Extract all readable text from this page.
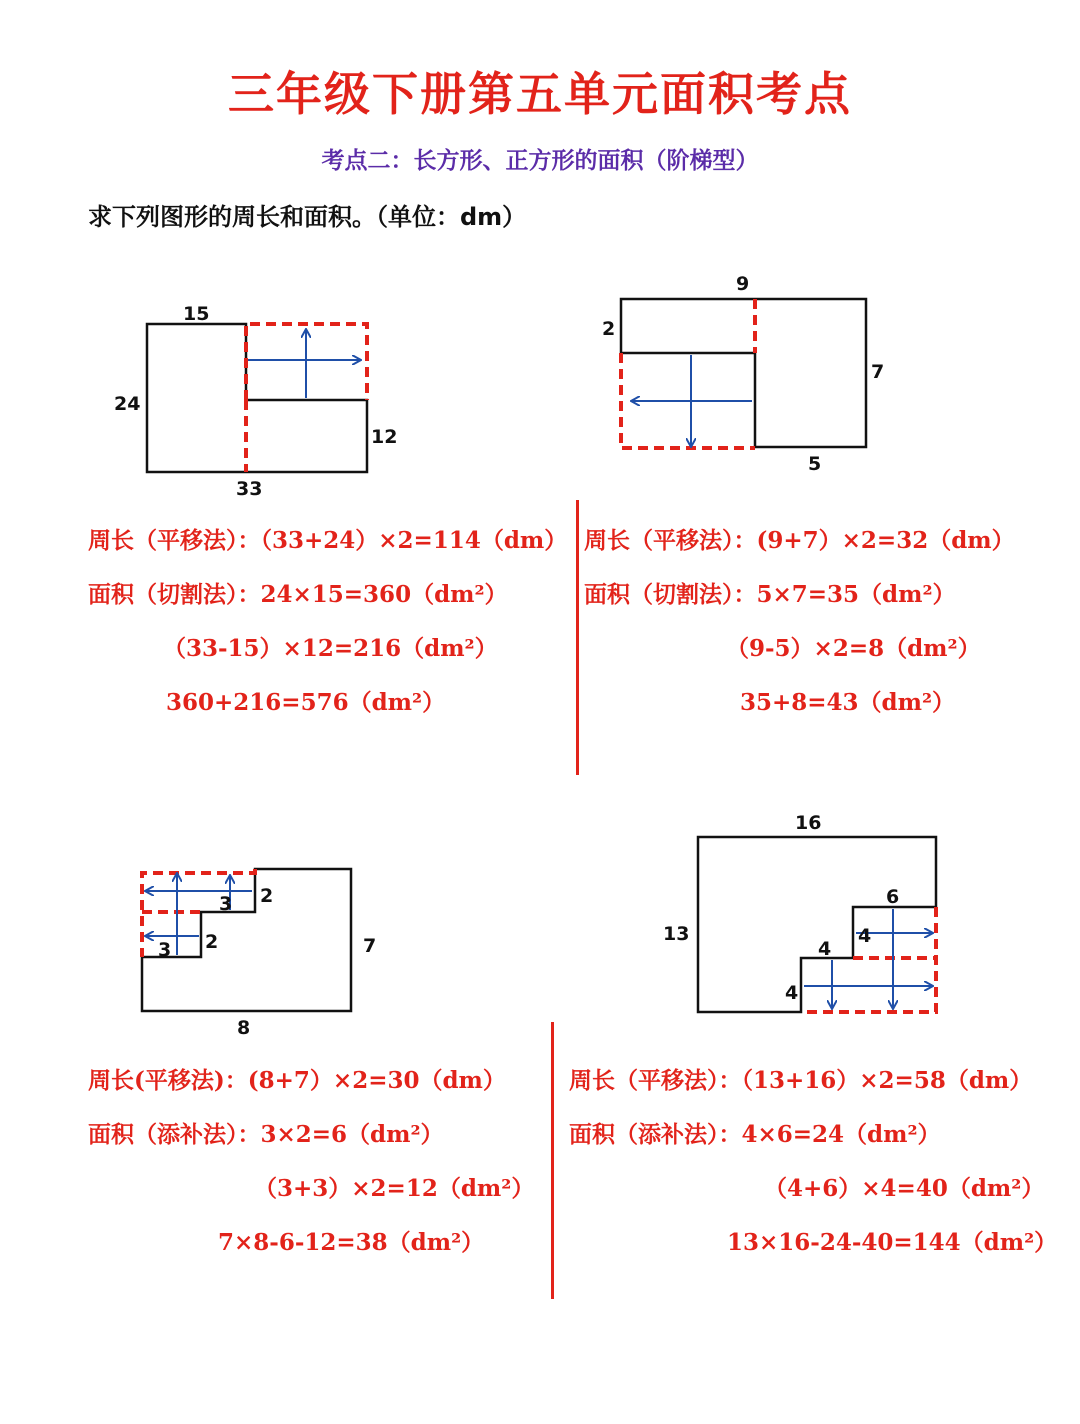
三年级下册第五单元面积考点
考点二：长方形、正方形的面积（阶梯型）
求下列图形的周长和面积。（单位：dm）
15
24
12
33
9
2
7
5
2
3
2
3	7
8
16
13
6
4
4
4
周长（平移法）：（33+24）×2=114（dm）
面积（切割法）：24×15=360（dm²）
（33-15）×12=216（dm²）
360+216=576（dm²）
周长（平移法）：(9+7）×2=32（dm）
面积（切割法）：5×7=35（dm²）
（9-5）×2=8（dm²）
35+8=43（dm²）
周长(平移法)：(8+7）×2=30（dm）
面积（添补法）：3×2=6（dm²）
（3+3）×2=12（dm²）
7×8-6-12=38（dm²）
周长（平移法）：（13+16）×2=58（dm）
面积（添补法）：4×6=24（dm²）
（4+6）×4=40（dm²）
13×16-24-40=144（dm²）
